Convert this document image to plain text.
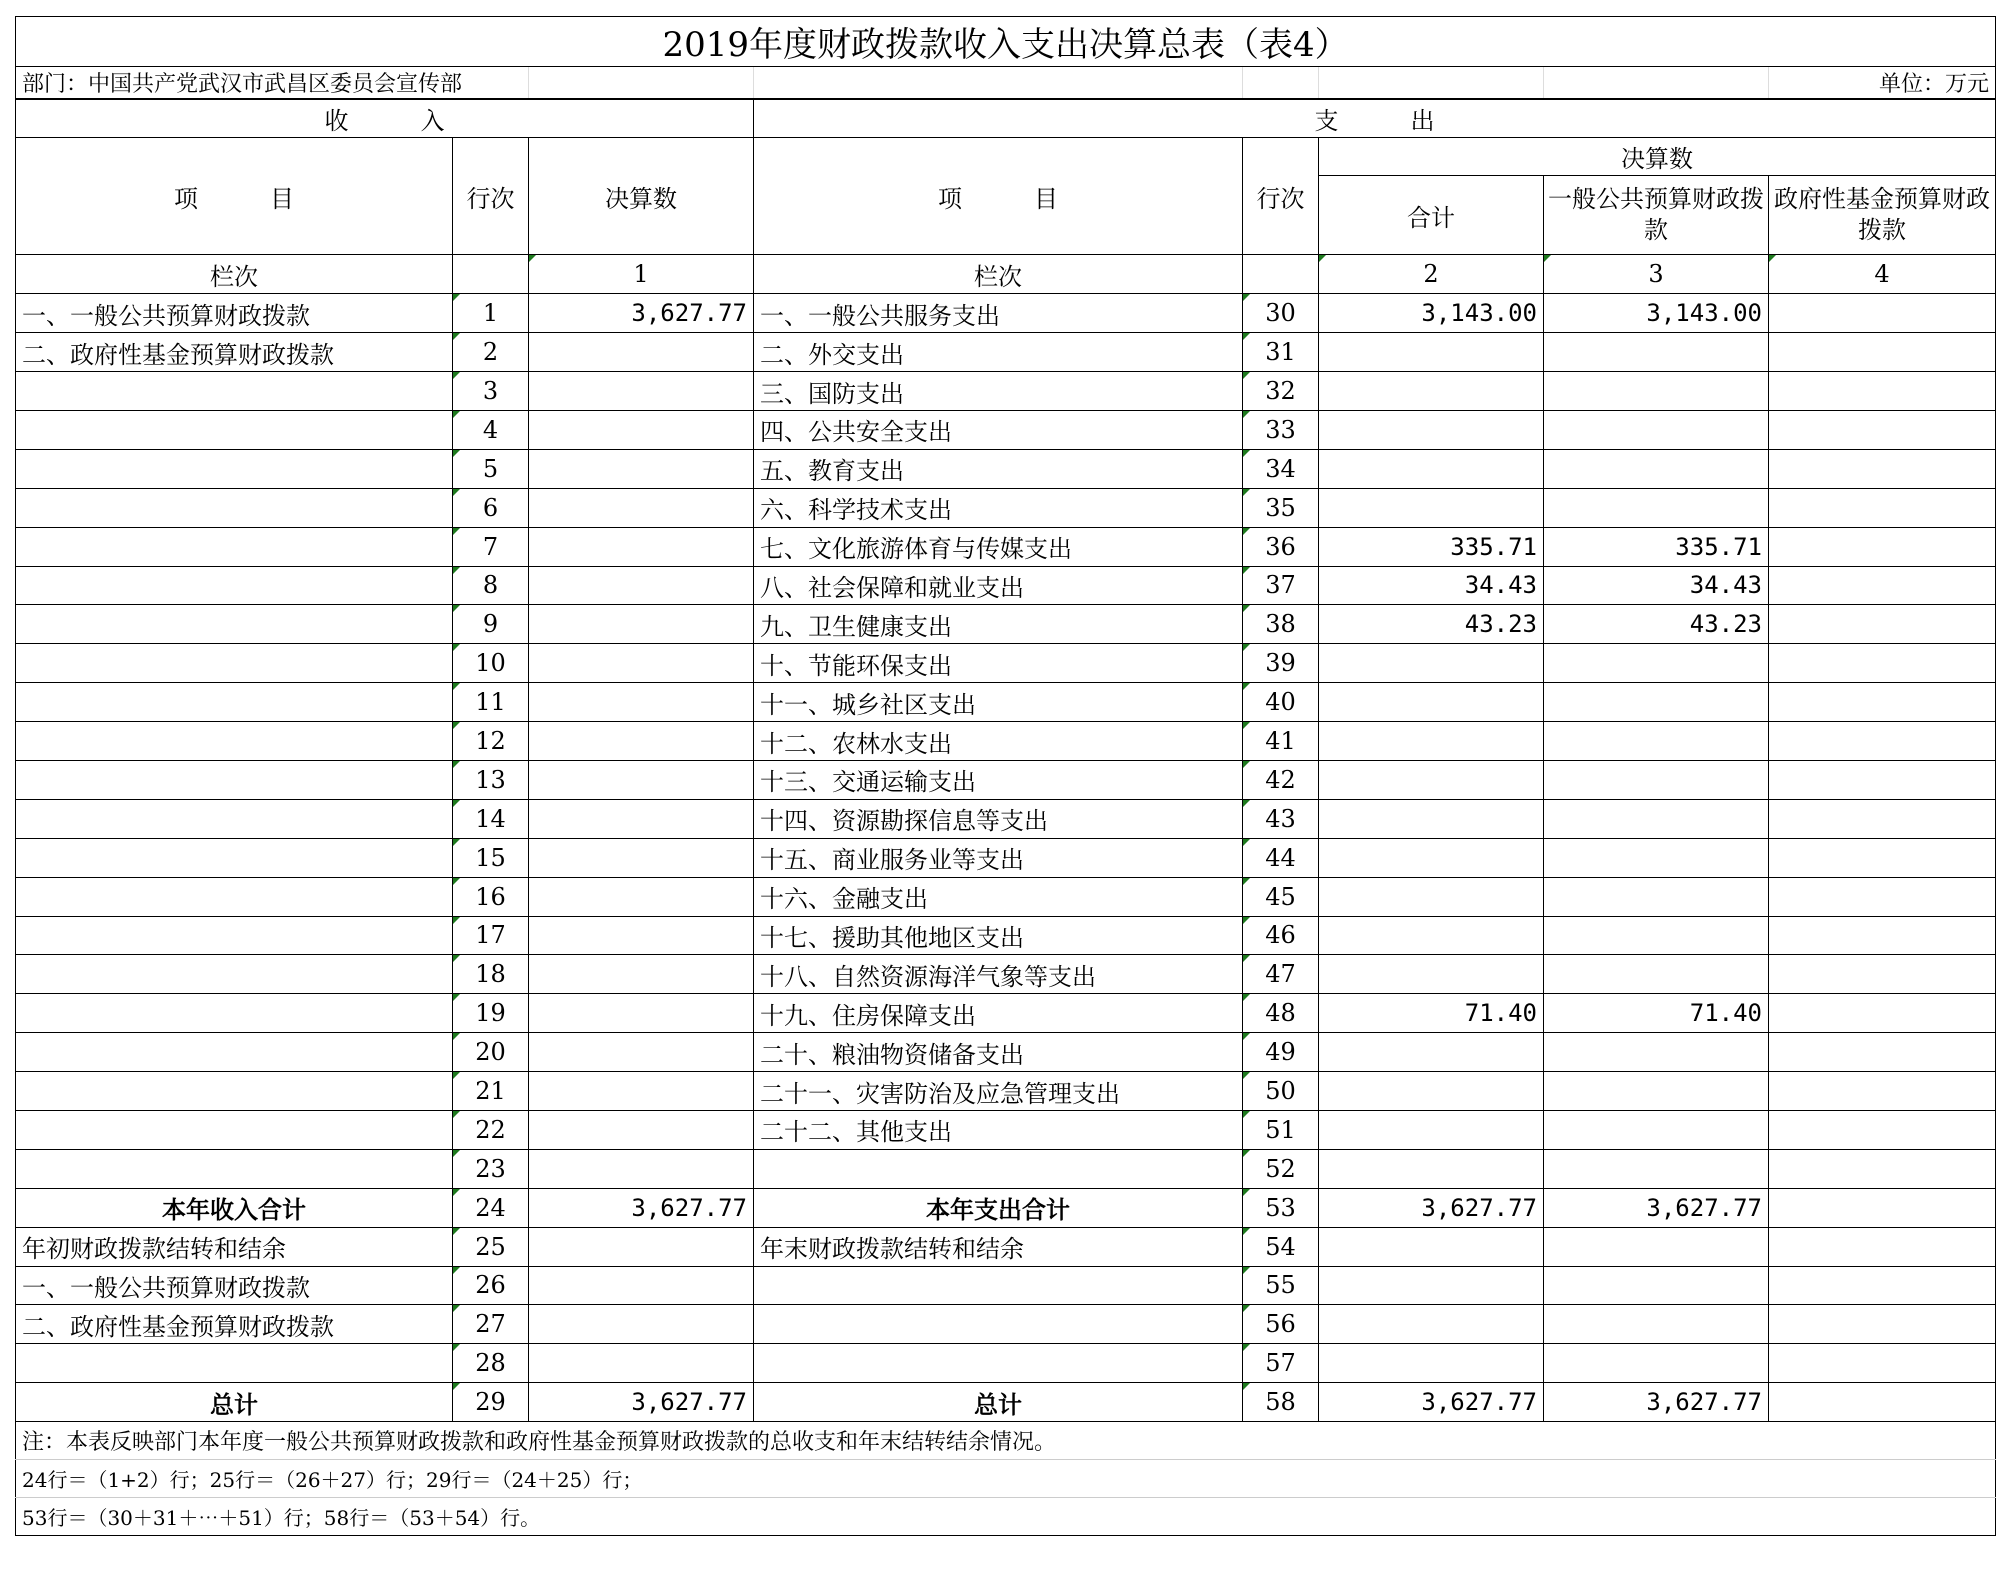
2019年度财政拨款收入支出决算总表（表4）							
部门：中国共产党武汉市武昌区委员会宣传部							单位：万元
收　　　入			支　　　出				
项　　　目	行次	决算数	项　　　目	行次	决算数		
					合计	一般公共预算财政拨款	政府性基金预算财政拨款
栏次		1	栏次		2	3	4
一、一般公共预算财政拨款	1	3,627.77	一、一般公共服务支出	30	3,143.00	3,143.00	
二、政府性基金预算财政拨款	2		二、外交支出	31			
	3		三、国防支出	32			
	4		四、公共安全支出	33			
	5		五、教育支出	34			
	6		六、科学技术支出	35			
	7		七、文化旅游体育与传媒支出	36	335.71	335.71	
	8		八、社会保障和就业支出	37	34.43	34.43	
	9		九、卫生健康支出	38	43.23	43.23	
	10		十、节能环保支出	39			
	11		十一、城乡社区支出	40			
	12		十二、农林水支出	41			
	13		十三、交通运输支出	42			
	14		十四、资源勘探信息等支出	43			
	15		十五、商业服务业等支出	44			
	16		十六、金融支出	45			
	17		十七、援助其他地区支出	46			
	18		十八、自然资源海洋气象等支出	47			
	19		十九、住房保障支出	48	71.40	71.40	
	20		二十、粮油物资储备支出	49			
	21		二十一、灾害防治及应急管理支出	50			
	22		二十二、其他支出	51			
	23			52			
本年收入合计	24	3,627.77	本年支出合计	53	3,627.77	3,627.77	
年初财政拨款结转和结余	25		年末财政拨款结转和结余	54			
一、一般公共预算财政拨款	26			55			
二、政府性基金预算财政拨款	27			56			
	28			57			
总计	29	3,627.77	总计	58	3,627.77	3,627.77	
注：本表反映部门本年度一般公共预算财政拨款和政府性基金预算财政拨款的总收支和年末结转结余情况。							
24行＝（1+2）行；25行＝（26＋27）行；29行＝（24＋25）行；							
53行＝（30＋31＋⋯＋51）行；58行＝（53＋54）行。							
